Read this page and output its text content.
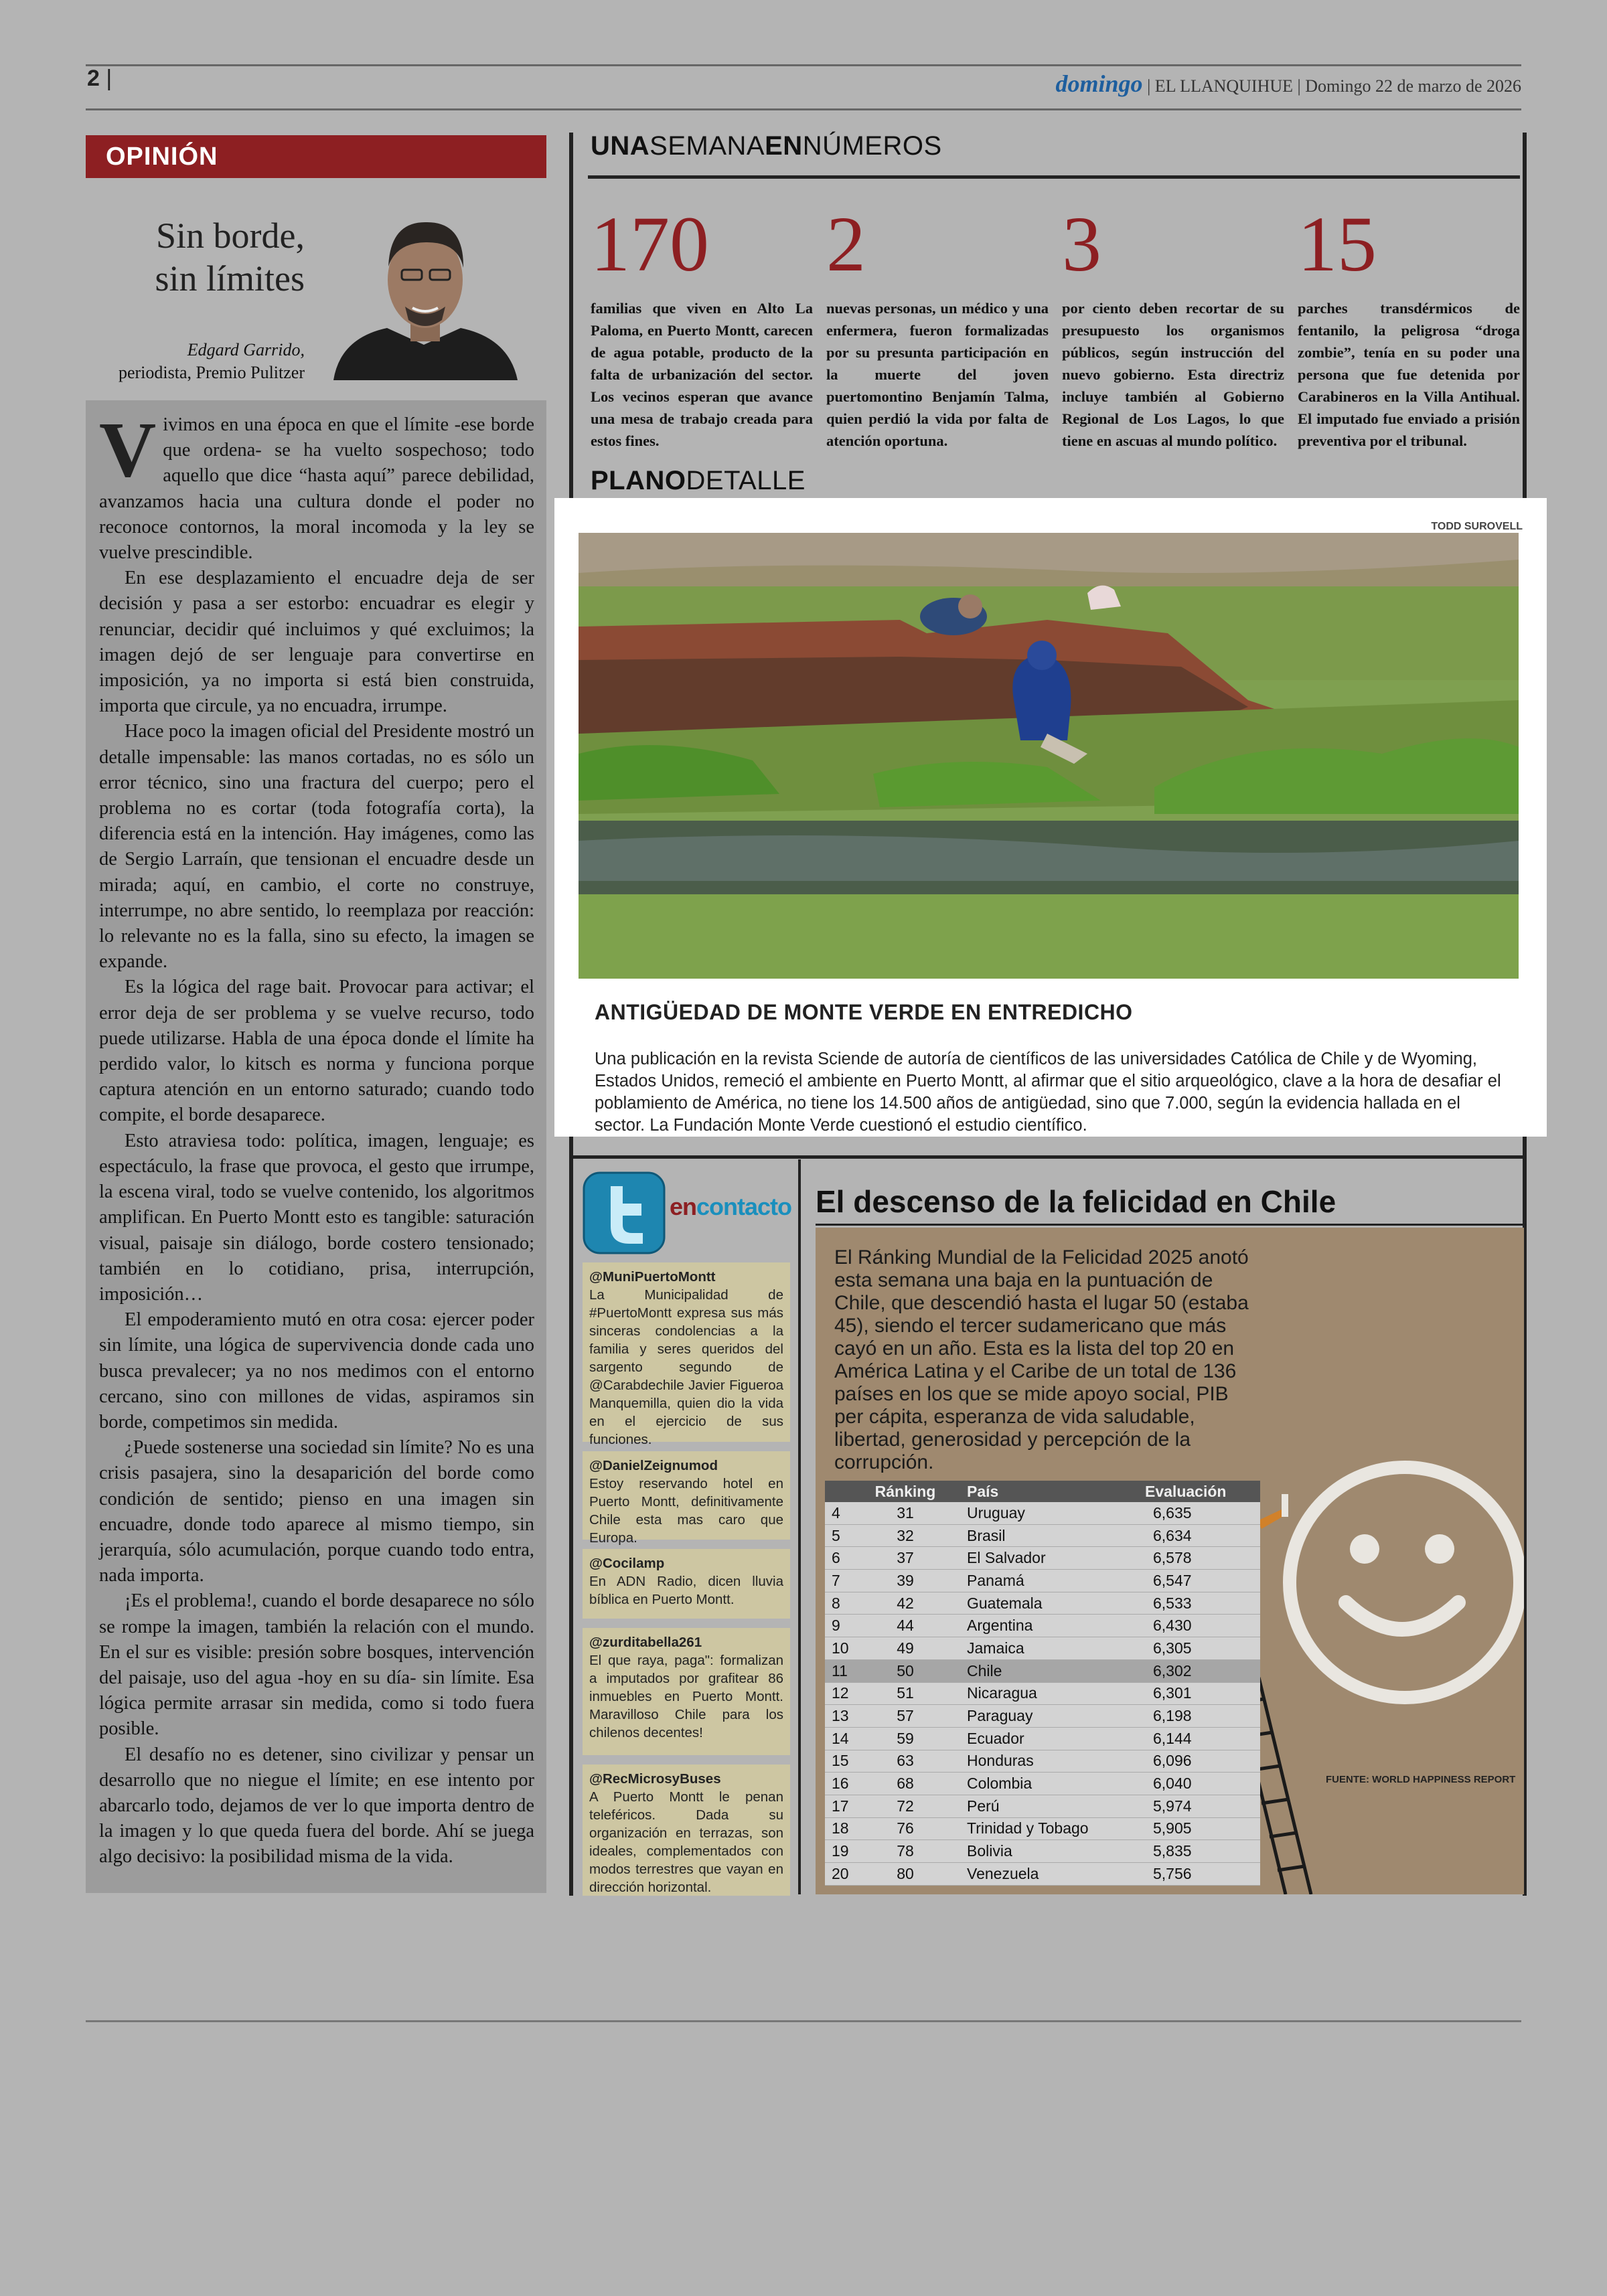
2 |	domingo | EL LLANQUIHUE | Domingo 22 de marzo de 2026
OPINIÓN
Sin borde,
sin límites
Edgard Garrido,
periodista, Premio Pulitzer

Vivimos en una época en que el límite -ese borde que ordena- se ha vuelto sospechoso; todo aquello que dice “hasta aquí” parece debilidad, avanzamos hacia una cultura donde el poder no reconoce contornos, la moral incomoda y la ley se vuelve prescindible.

En ese desplazamiento el encuadre deja de ser decisión y pasa a ser estorbo: encuadrar es elegir y renunciar, decidir qué incluimos y qué excluimos; la imagen dejó de ser lenguaje para convertirse en imposición, ya no importa si está bien construida, importa que circule, ya no encuadra, irrumpe.

Hace poco la imagen oficial del Presidente mostró un detalle impensable: las manos cortadas, no es sólo un error técnico, sino una fractura del cuerpo; pero el problema no es cortar (toda fotografía corta), la diferencia está en la intención. Hay imágenes, como las de Sergio Larraín, que tensionan el encuadre desde un mirada; aquí, en cambio, el corte no construye, interrumpe, no abre sentido, lo reemplaza por reacción: lo relevante no es la falla, sino su efecto, la imagen se expande.

Es la lógica del rage bait. Provocar para activar; el error deja de ser problema y se vuelve recurso, todo puede utilizarse. Habla de una época donde el límite ha perdido valor, lo kitsch es norma y funciona porque captura atención en un entorno saturado; cuando todo compite, el borde desaparece.

Esto atraviesa todo: política, imagen, lenguaje; es espectáculo, la frase que provoca, el gesto que irrumpe, la escena viral, todo se vuelve contenido, los algoritmos amplifican. En Puerto Montt esto es tangible: saturación visual, paisaje sin diálogo, borde costero tensionado; también en lo cotidiano, prisa, interrupción, imposición…

El empoderamiento mutó en otra cosa: ejercer poder sin límite, una lógica de supervivencia donde cada uno busca prevalecer; ya no nos medimos con el entorno cercano, sino con millones de vidas, aspiramos sin borde, competimos sin medida.

¿Puede sostenerse una sociedad sin límite? No es una crisis pasajera, sino la desaparición del borde como condición de sentido; pienso en una imagen sin encuadre, donde todo aparece al mismo tiempo, sin jerarquía, sólo acumulación, porque cuando todo entra, nada importa.

¡Es el problema!, cuando el borde desaparece no sólo se rompe la imagen, también la relación con el mundo. En el sur es visible: presión sobre bosques, intervención del paisaje, uso del agua -hoy en su día- sin límite. Esa lógica permite arrasar sin medida, como si todo fuera posible.

El desafío no es detener, sino civilizar y pensar un desarrollo que no niegue el límite; en ese intento por abarcarlo todo, dejamos de ver lo que importa dentro de la imagen y lo que queda fuera del borde. Ahí se juega algo decisivo: la posibilidad misma de la vida.

UNASEMANAENNÚMEROS
170
familias que viven en Alto La Paloma, en Puerto Montt, carecen de agua potable, producto de la falta de urbanización del sector. Los vecinos esperan que avance una mesa de trabajo creada para estos fines.
2
nuevas personas, un médico y una enfermera, fueron formalizadas por su presunta participación en la muerte del joven puertomontino Benjamín Talma, quien perdió la vida por falta de atención oportuna.
3
por ciento deben recortar de su presupuesto los organismos públicos, según instrucción del nuevo gobierno. Esta directriz incluye también al Gobierno Regional de Los Lagos, lo que tiene en ascuas al mundo político.
15
parches transdérmicos de fentanilo, la peligrosa “droga zombie”, tenía en su poder una persona que fue detenida por Carabineros en la Villa Antihual. El imputado fue enviado a prisión preventiva por el tribunal.
PLANODETALLE
TODD SUROVELL
ANTIGÜEDAD DE MONTE VERDE EN ENTREDICHO
Una publicación en la revista Sciende de autoría de científicos de las universidades Católica de Chile y de Wyoming, Estados Unidos, remeció el ambiente en Puerto Montt, al afirmar que el sitio arqueológico, clave a la hora de desafiar el poblamiento de América, no tiene los 14.500 años de antigüedad, sino que 7.000, según la evidencia hallada en el sector. La Fundación Monte Verde cuestionó el estudio científico.
encontacto
@MuniPuertoMontt
La Municipalidad de #PuertoMontt expresa sus más sinceras condolencias a la familia y seres queridos del sargento segundo de @Carabdechile Javier Figueroa Manquemilla, quien dio la vida en el ejercicio de sus funciones.
@DanielZeignumod
Estoy reservando hotel en Puerto Montt, definitivamente Chile esta mas caro que Europa.
@Cocilamp
En ADN Radio, dicen lluvia bíblica en Puerto Montt.
@zurditabella261
El que raya, paga": formalizan a imputados por grafitear 86 inmuebles en Puerto Montt. Maravilloso Chile para los chilenos decentes!
@RecMicrosyBuses
A Puerto Montt le penan teleféricos. Dada su organización en terrazas, son ideales, complementados con modos terrestres que vayan en dirección horizontal.
El descenso de la felicidad en Chile
El Ránking Mundial de la Felicidad 2025 anotó esta semana una baja en la puntuación de Chile, que descendió hasta el lugar 50 (estaba 45), siendo el tercer sudamericano que más cayó en un año. Esta es la lista del top 20 en América Latina y el Caribe de un total de 136 países en los que se mide apoyo social, PIB per cápita, esperanza de vida saludable, libertad, generosidad y percepción de la corrupción.
	Ránking	País	Evaluación
4	31	Uruguay	6,635
5	32	Brasil	6,634
6	37	El Salvador	6,578
7	39	Panamá	6,547
8	42	Guatemala	6,533
9	44	Argentina	6,430
10	49	Jamaica	6,305
11	50	Chile	6,302
12	51	Nicaragua	6,301
13	57	Paraguay	6,198
14	59	Ecuador	6,144
15	63	Honduras	6,096
16	68	Colombia	6,040
17	72	Perú	5,974
18	76	Trinidad y Tobago	5,905
19	78	Bolivia	5,835
20	80	Venezuela	5,756
FUENTE: WORLD HAPPINESS REPORT
